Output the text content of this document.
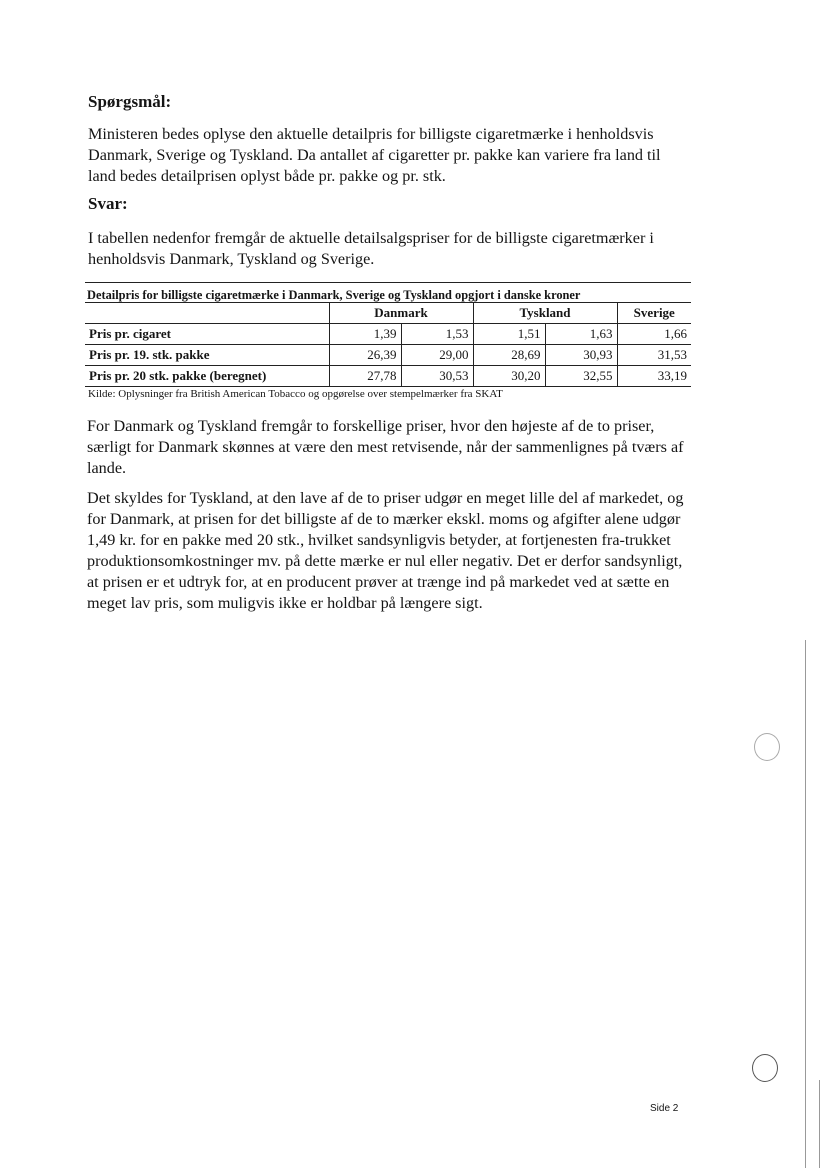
Spørgsmål:
Ministeren bedes oplyse den aktuelle detailpris for billigste cigaretmærke i henholdsvis Danmark, Sverige og Tyskland. Da antallet af cigaretter pr. pakke kan variere fra land til land bedes detailprisen oplyst både pr. pakke og pr. stk.
Svar:
I tabellen nedenfor fremgår de aktuelle detailsalgspriser for de billigste cigaretmærker i henholdsvis Danmark, Tyskland og Sverige.
Detailpris for billigste cigaretmærke i Danmark, Sverige og Tyskland opgjort i danske kroner
	Danmark		Tyskland		Sverige
Pris pr. cigaret	1,39	1,53	1,51	1,63	1,66
Pris pr. 19. stk. pakke	26,39	29,00	28,69	30,93	31,53
Pris pr. 20 stk. pakke (beregnet)	27,78	30,53	30,20	32,55	33,19
Kilde: Oplysninger fra British American Tobacco og opgørelse over stempelmærker fra SKAT
For Danmark og Tyskland fremgår to forskellige priser, hvor den højeste af de to priser, særligt for Danmark skønnes at være den mest retvisende, når der sammenlignes på tværs af lande.
Det skyldes for Tyskland, at den lave af de to priser udgør en meget lille del af markedet, og for Danmark, at prisen for det billigste af de to mærker ekskl. moms og afgifter alene udgør 1,49 kr. for en pakke med 20 stk., hvilket sandsynligvis betyder, at fortjenesten fra-trukket produktionsomkostninger mv. på dette mærke er nul eller negativ. Det er derfor sandsynligt, at prisen er et udtryk for, at en producent prøver at trænge ind på markedet ved at sætte en meget lav pris, som muligvis ikke er holdbar på længere sigt.
Side 2
